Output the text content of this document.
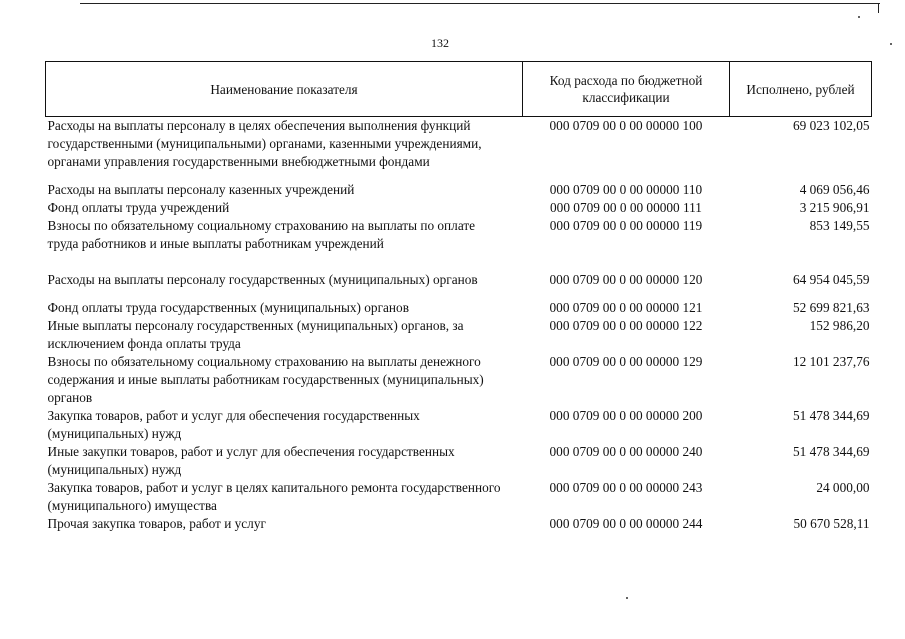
132
Наименование показателя	Код расхода по бюджетной классификации	Исполнено, рублей
Расходы на выплаты персоналу в целях обеспечения выполнения функций государственными (муниципальными) органами, казенными учреждениями, органами управления государственными внебюджетными фондами	000 0709 00 0 00 00000 100	69 023 102,05
Расходы на выплаты персоналу казенных учреждений	000 0709 00 0 00 00000 110	4 069 056,46
Фонд оплаты труда учреждений	000 0709 00 0 00 00000 111	3 215 906,91
Взносы по обязательному социальному страхованию на выплаты по оплате труда работников и иные выплаты работникам учреждений	000 0709 00 0 00 00000 119	853 149,55
Расходы на выплаты персоналу государственных (муниципальных) органов	000 0709 00 0 00 00000 120	64 954 045,59
Фонд оплаты труда государственных (муниципальных) органов	000 0709 00 0 00 00000 121	52 699 821,63
Иные выплаты персоналу государственных (муниципальных) органов, за исключением фонда оплаты труда	000 0709 00 0 00 00000 122	152 986,20
Взносы по обязательному социальному страхованию на выплаты денежного содержания и иные выплаты работникам государственных (муниципальных) органов	000 0709 00 0 00 00000 129	12 101 237,76
Закупка товаров, работ и услуг для обеспечения государственных (муниципальных) нужд	000 0709 00 0 00 00000 200	51 478 344,69
Иные закупки товаров, работ и услуг для обеспечения государственных (муниципальных) нужд	000 0709 00 0 00 00000 240	51 478 344,69
Закупка товаров, работ и услуг в целях капитального ремонта государственного (муниципального) имущества	000 0709 00 0 00 00000 243	24 000,00
Прочая закупка товаров, работ и услуг	000 0709 00 0 00 00000 244	50 670 528,11
